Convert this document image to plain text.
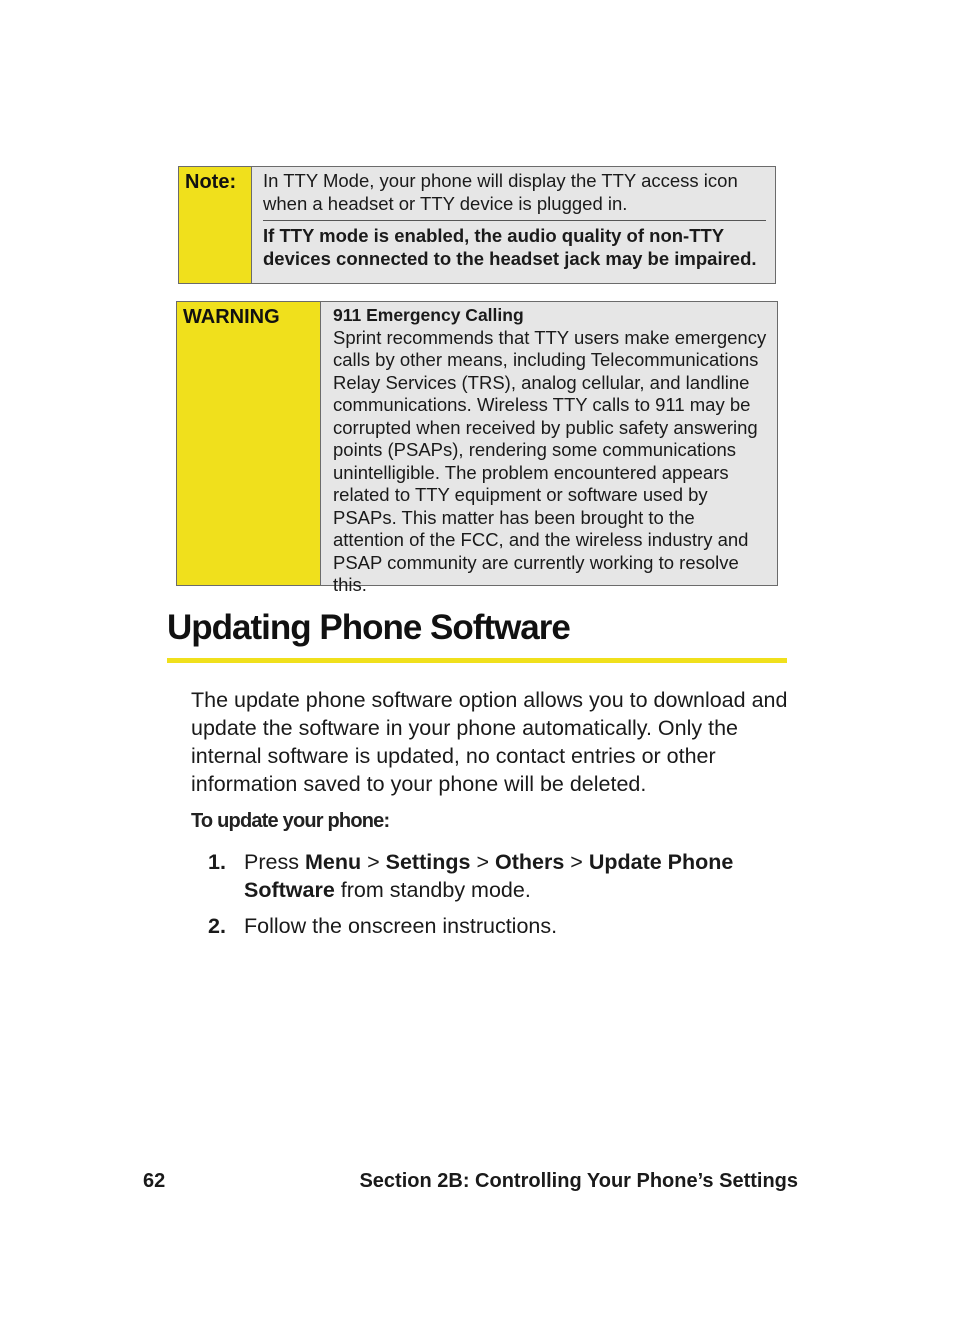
Note:	In TTY Mode, your phone will display the TTY access icon when a headset or TTY device is plugged in.
If TTY mode is enabled, the audio quality of non-TTY devices connected to the headset jack may be impaired.
WARNING	911 Emergency Calling
Sprint recommends that TTY users make emergency calls by other means, including Telecommunications Relay Services (TRS), analog cellular, and landline communications. Wireless TTY calls to 911 may be corrupted when received by public safety answering points (PSAPs), rendering some communications unintelligible. The problem encountered appears related to TTY equipment or software used by PSAPs. This matter has been brought to the attention of the FCC, and the wireless industry and PSAP community are currently working to resolve this.
Updating Phone Software

The update phone software option allows you to download and update the software in your phone automatically. Only the internal software is updated, no contact entries or other information saved to your phone will be deleted.

To update your phone:

1. Press Menu > Settings > Others > Update Phone Software from standby mode.
2. Follow the onscreen instructions.
62	Section 2B: Controlling Your Phone’s Settings
